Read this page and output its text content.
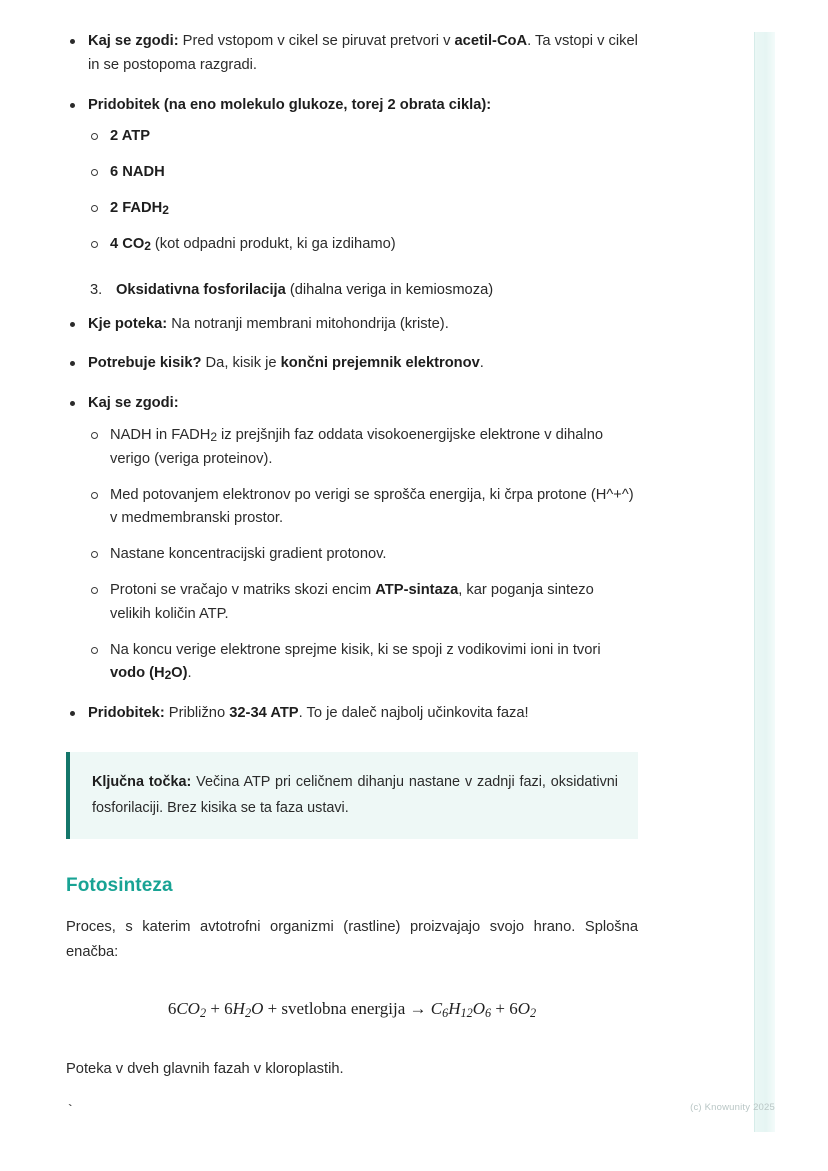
Kaj se zgodi: Pred vstopom v cikel se piruvat pretvori v acetil-CoA. Ta vstopi v cikel in se postopoma razgradi.
Pridobitek (na eno molekulo glukoze, torej 2 obrata cikla):
2 ATP
6 NADH
2 FADH2
4 CO2 (kot odpadni produkt, ki ga izdihamo)
3. Oksidativna fosforilacija (dihalna veriga in kemiosmoza)
Kje poteka: Na notranji membrani mitohondrija (kriste).
Potrebuje kisik? Da, kisik je končni prejemnik elektronov.
Kaj se zgodi:
NADH in FADH2 iz prejšnjih faz oddata visokoenergijske elektrone v dihalno verigo (veriga proteinov).
Med potovanjem elektronov po verigi se sprošča energija, ki črpa protone (H^+^) v medmembranski prostor.
Nastane koncentracijski gradient protonov.
Protoni se vračajo v matriks skozi encim ATP-sintaza, kar poganja sintezo velikih količin ATP.
Na koncu verige elektrone sprejme kisik, ki se spoji z vodikovimi ioni in tvori vodo (H2O).
Pridobitek: Približno 32-34 ATP. To je daleč najbolj učinkovita faza!
Ključna točka: Večina ATP pri celičnem dihanju nastane v zadnji fazi, oksidativni fosforilaciji. Brez kisika se ta faza ustavi.
Fotosinteza

Proces, s katerim avtotrofni organizmi (rastline) proizvajajo svojo hrano. Splošna enačba:

6CO2 + 6H2O + svetlobna energija → C6H12O6 + 6O2

Poteka v dveh glavnih fazah v kloroplastih.

`	(c) Knowunity 2025
